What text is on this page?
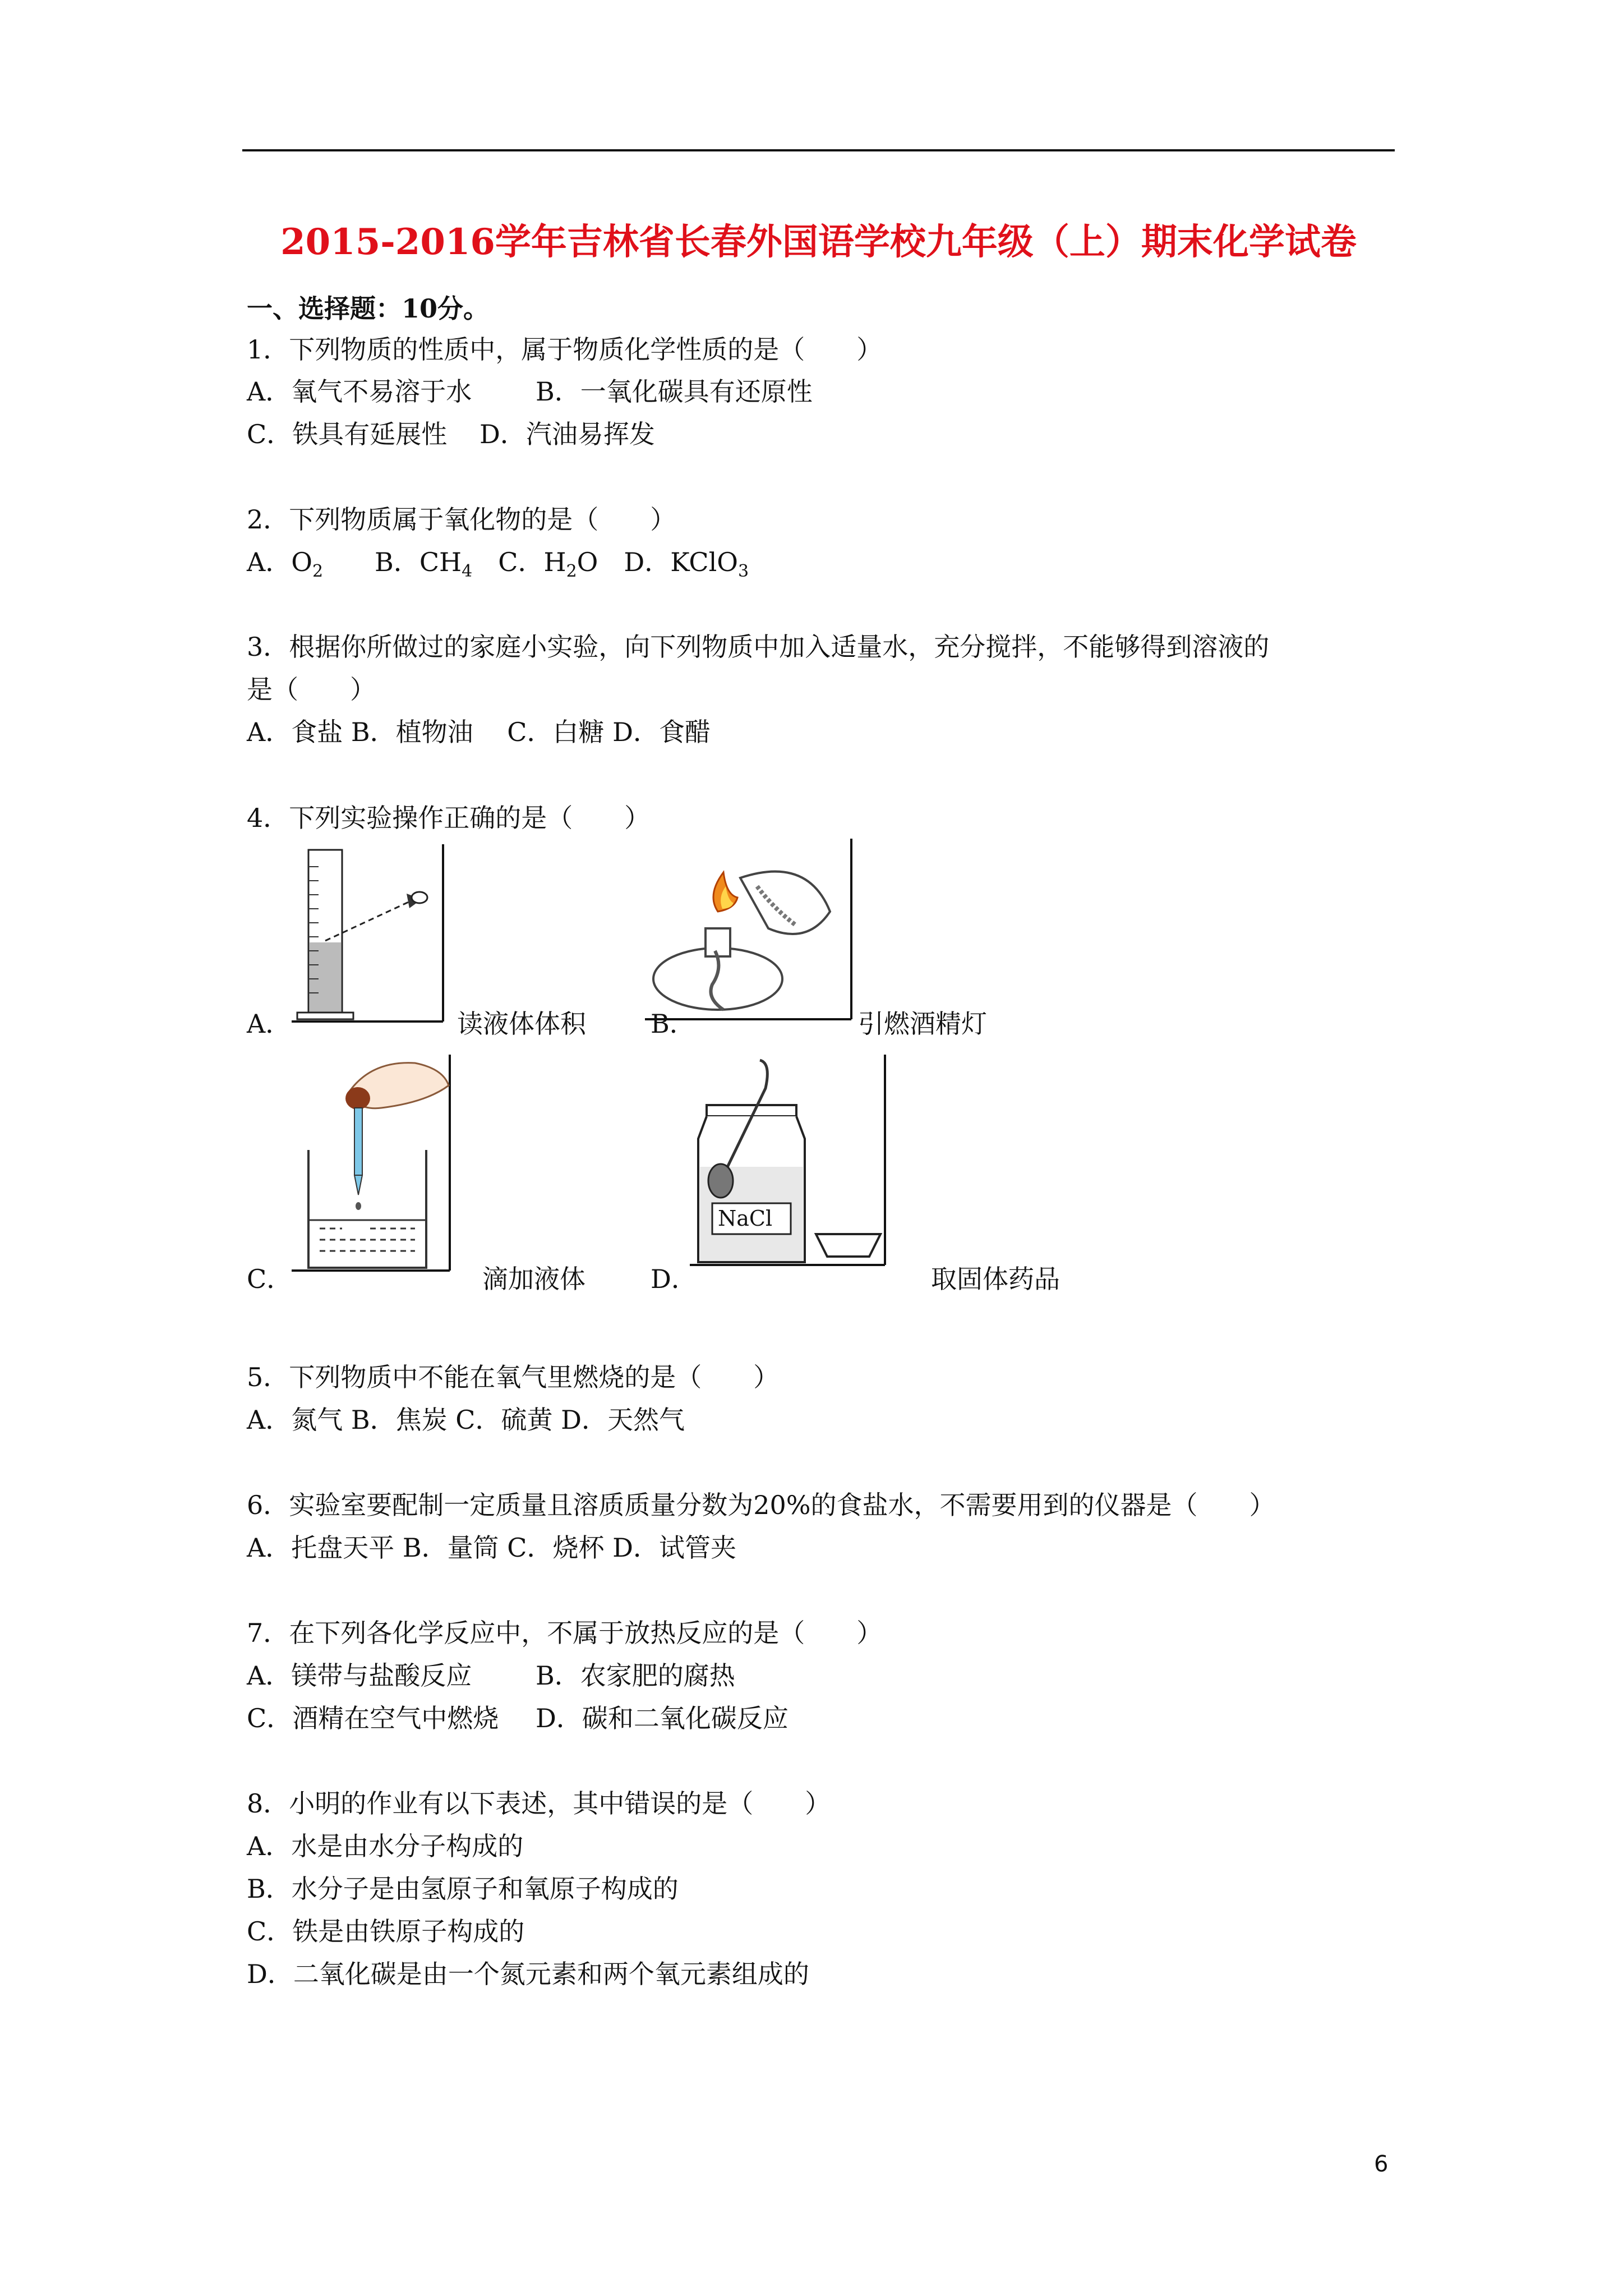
2015-2016学年吉林省长春外国语学校九年级（上）期末化学试卷
一、选择题：10分。
1．下列物质的性质中，属于物质化学性质的是（　　）
A．氧气不易溶于水 B．一氧化碳具有还原性
C．铁具有延展性 D．汽油易挥发
2．下列物质属于氧化物的是（　　）
A．$O_2$　　 B．$CH_4$　 C．$H_2O$　 D．KClO$_3$
3．根据你所做过的家庭小实验，向下列物质中加入适量水，充分搅拌，不能够得到溶液的
是（　　）
A．食盐 B．植物油　 C．白糖 D．食醋
4．下列实验操作正确的是（　　）
A．	读液体体积	B．	引燃酒精灯
C．	滴加液体
NaCl
D．	取固体药品
5．下列物质中不能在氧气里燃烧的是（　　）
A．氮气 B．焦炭 C．硫黄 D．天然气
6．实验室要配制一定质量且溶质质量分数为20%的食盐水，不需要用到的仪器是（　　）
A．托盘天平 B．量筒 C．烧杯 D．试管夹
7．在下列各化学反应中，不属于放热反应的是（　　）
A．镁带与盐酸反应 B．农家肥的腐热
C．酒精在空气中燃烧 D．碳和二氧化碳反应
8．小明的作业有以下表述，其中错误的是（　　）
A．水是由水分子构成的
B．水分子是由氢原子和氧原子构成的
C．铁是由铁原子构成的
D．二氧化碳是由一个氮元素和两个氧元素组成的
6
